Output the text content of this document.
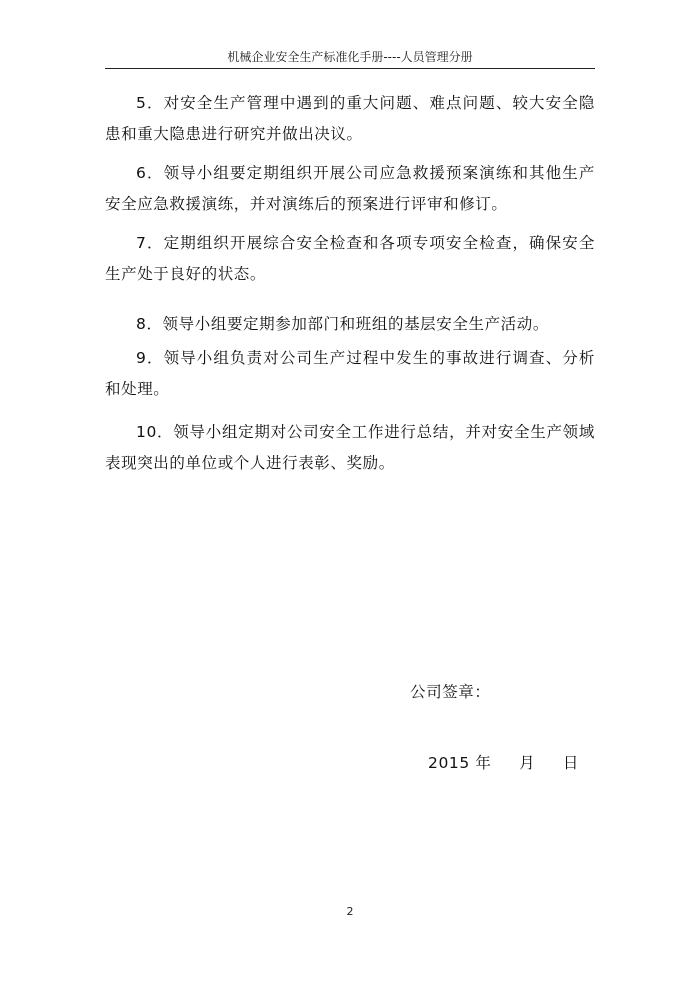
机械企业安全生产标准化手册----人员管理分册

5．对安全生产管理中遇到的重大问题、难点问题、较大安全隐患和重大隐患进行研究并做出决议。

6．领导小组要定期组织开展公司应急救援预案演练和其他生产安全应急救援演练，并对演练后的预案进行评审和修订。

7．定期组织开展综合安全检查和各项专项安全检查，确保安全生产处于良好的状态。

8．领导小组要定期参加部门和班组的基层安全生产活动。

9．领导小组负责对公司生产过程中发生的事故进行调查、分析和处理。

10．领导小组定期对公司安全工作进行总结，并对安全生产领域表现突出的单位或个人进行表彰、奖励。

公司签章：
2015 年     月     日
2
